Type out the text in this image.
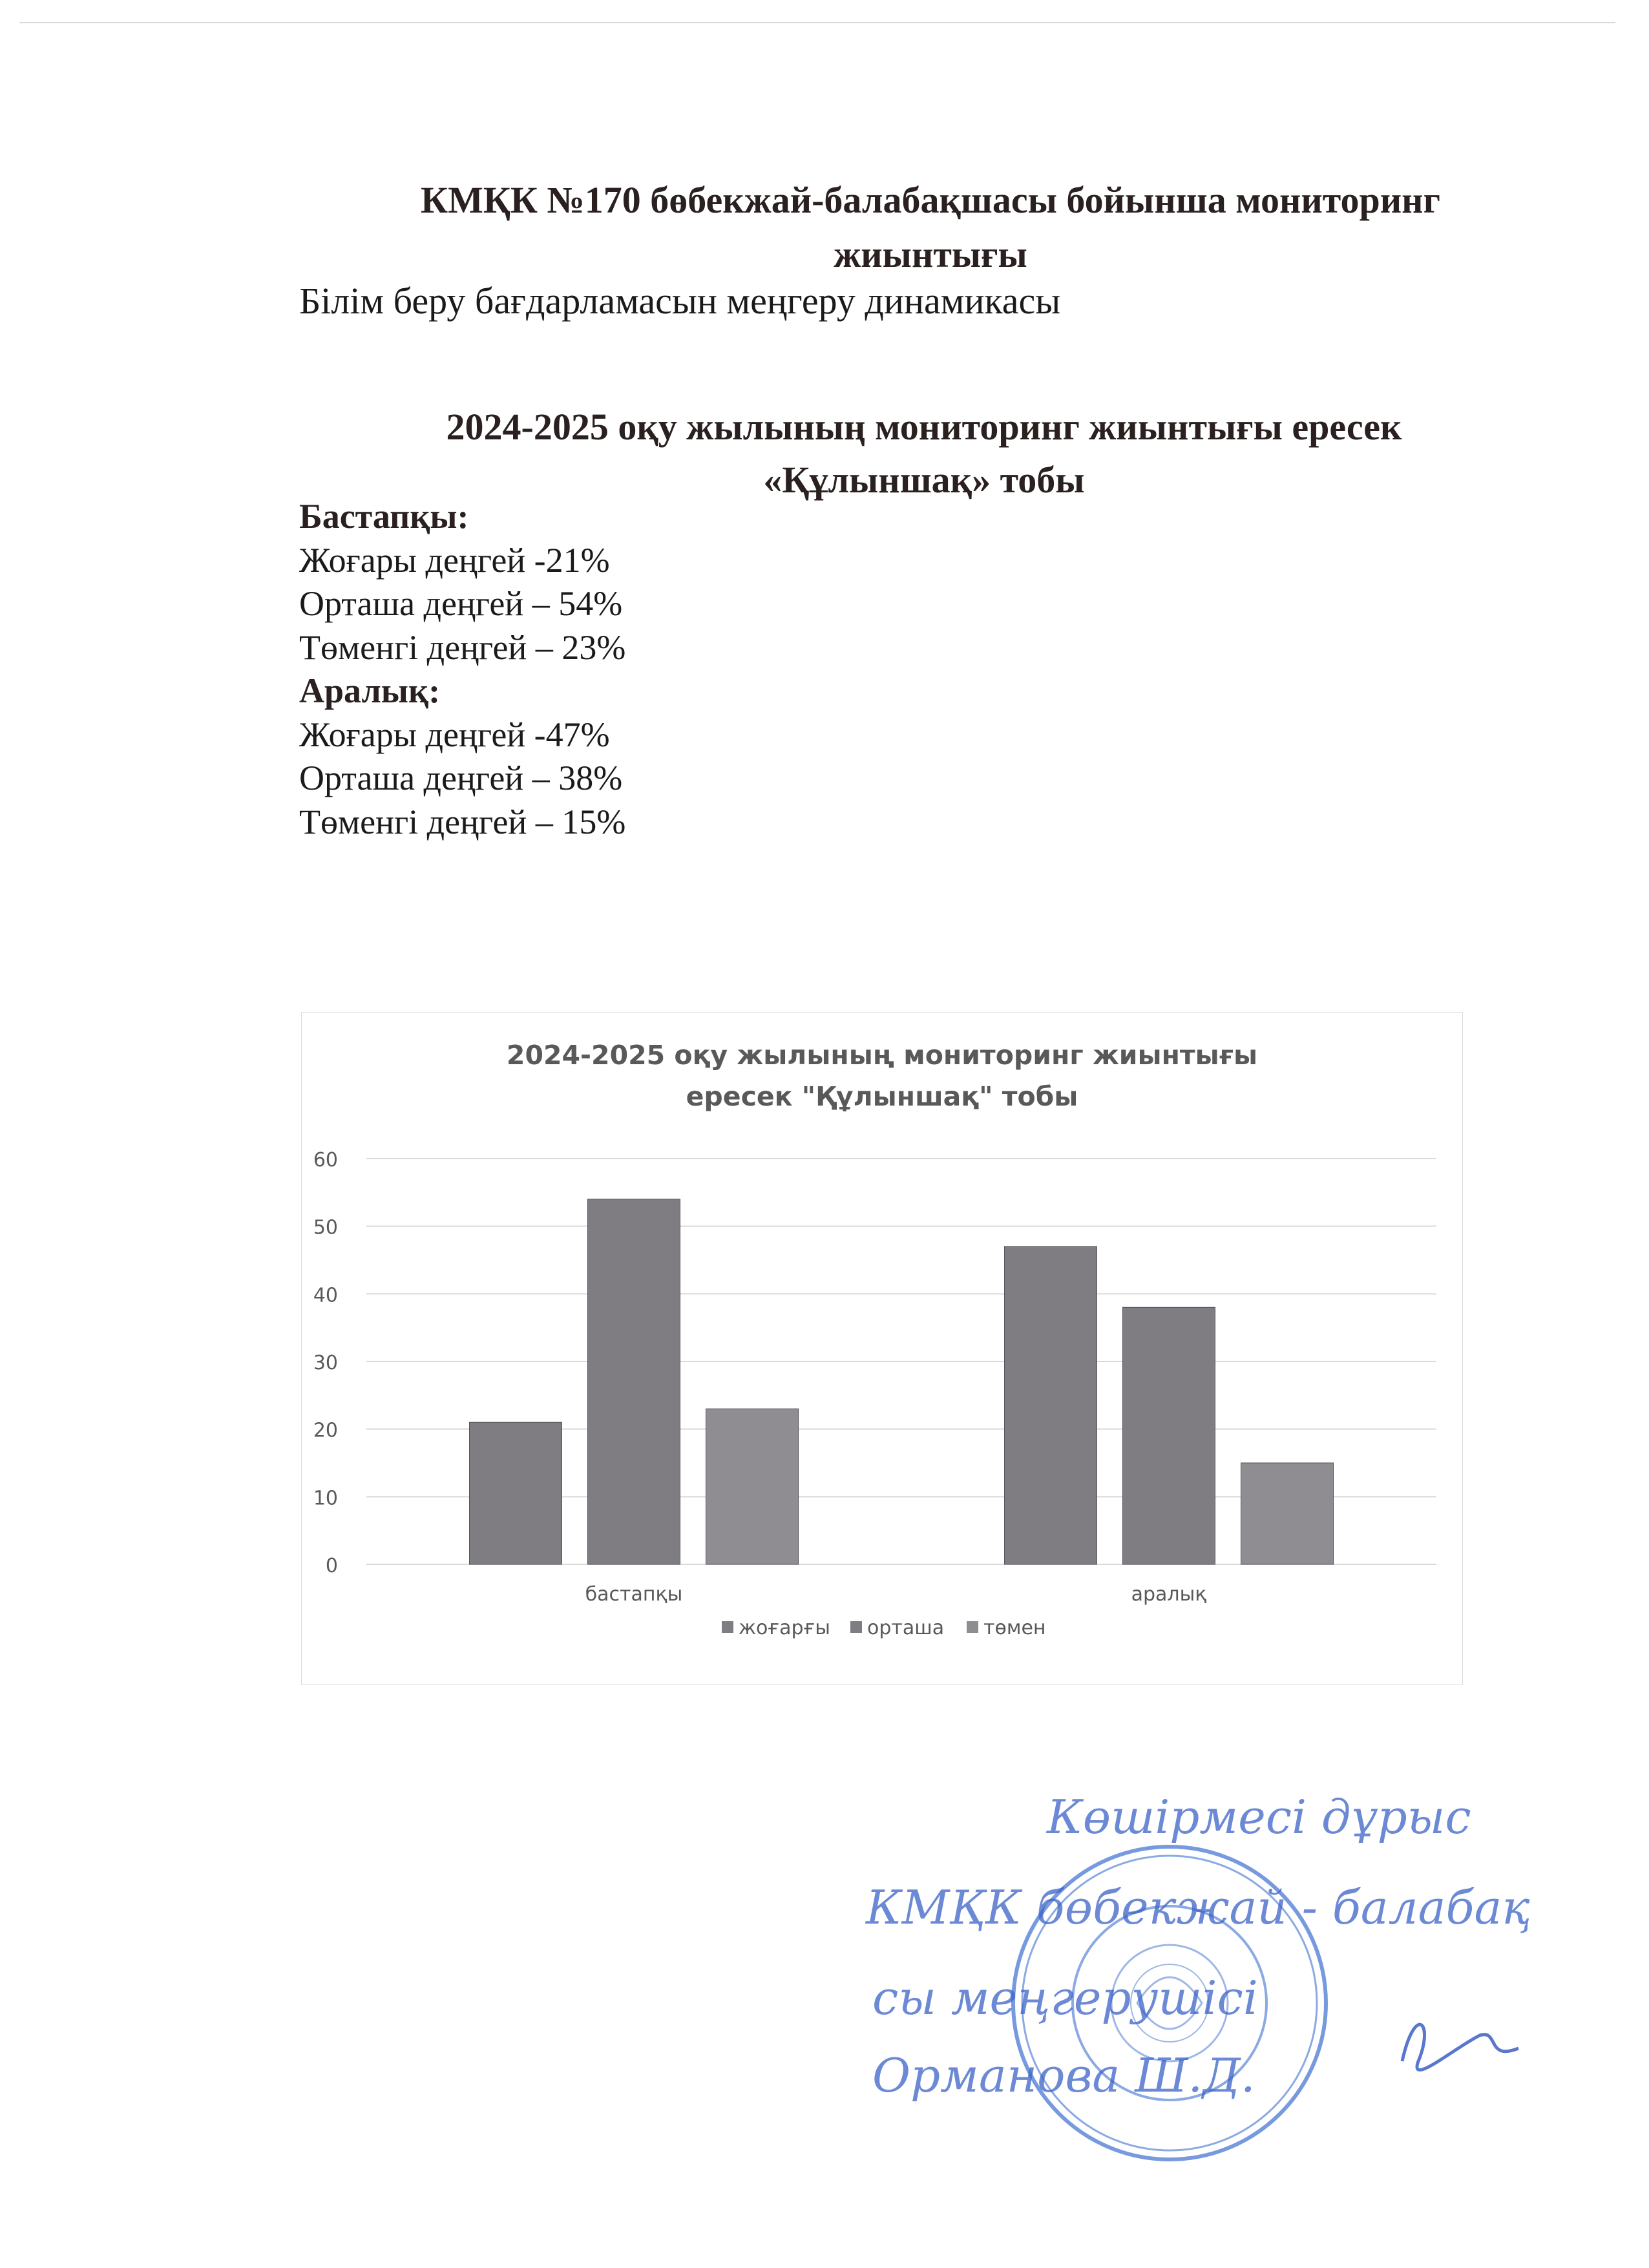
КМҚК №170 бөбекжай-балабақшасы бойынша мониторинг жиынтығы
Білім беру бағдарламасын меңгеру динамикасы
2024-2025 оқу жылының мониторинг жиынтығы ересек «Құлыншақ» тобы
Бастапқы:
Жоғары деңгей -21%
Орташа деңгей – 54%
Төменгі деңгей – 23%
Аралық:
Жоғары деңгей -47%
Орташа деңгей – 38%
Төменгі деңгей – 15%
2024-2025 оқу жылының мониторинг жиынтығы
ересек "Құлыншақ" тобы
0
10
20
30
40
50
60
бастапқы	аралық
жоғарғы орташа төмен
Көшірмесі дұрыс
КМҚК бөбекжай - балабақ
сы меңгерушісі
Орманова Ш.Д.
